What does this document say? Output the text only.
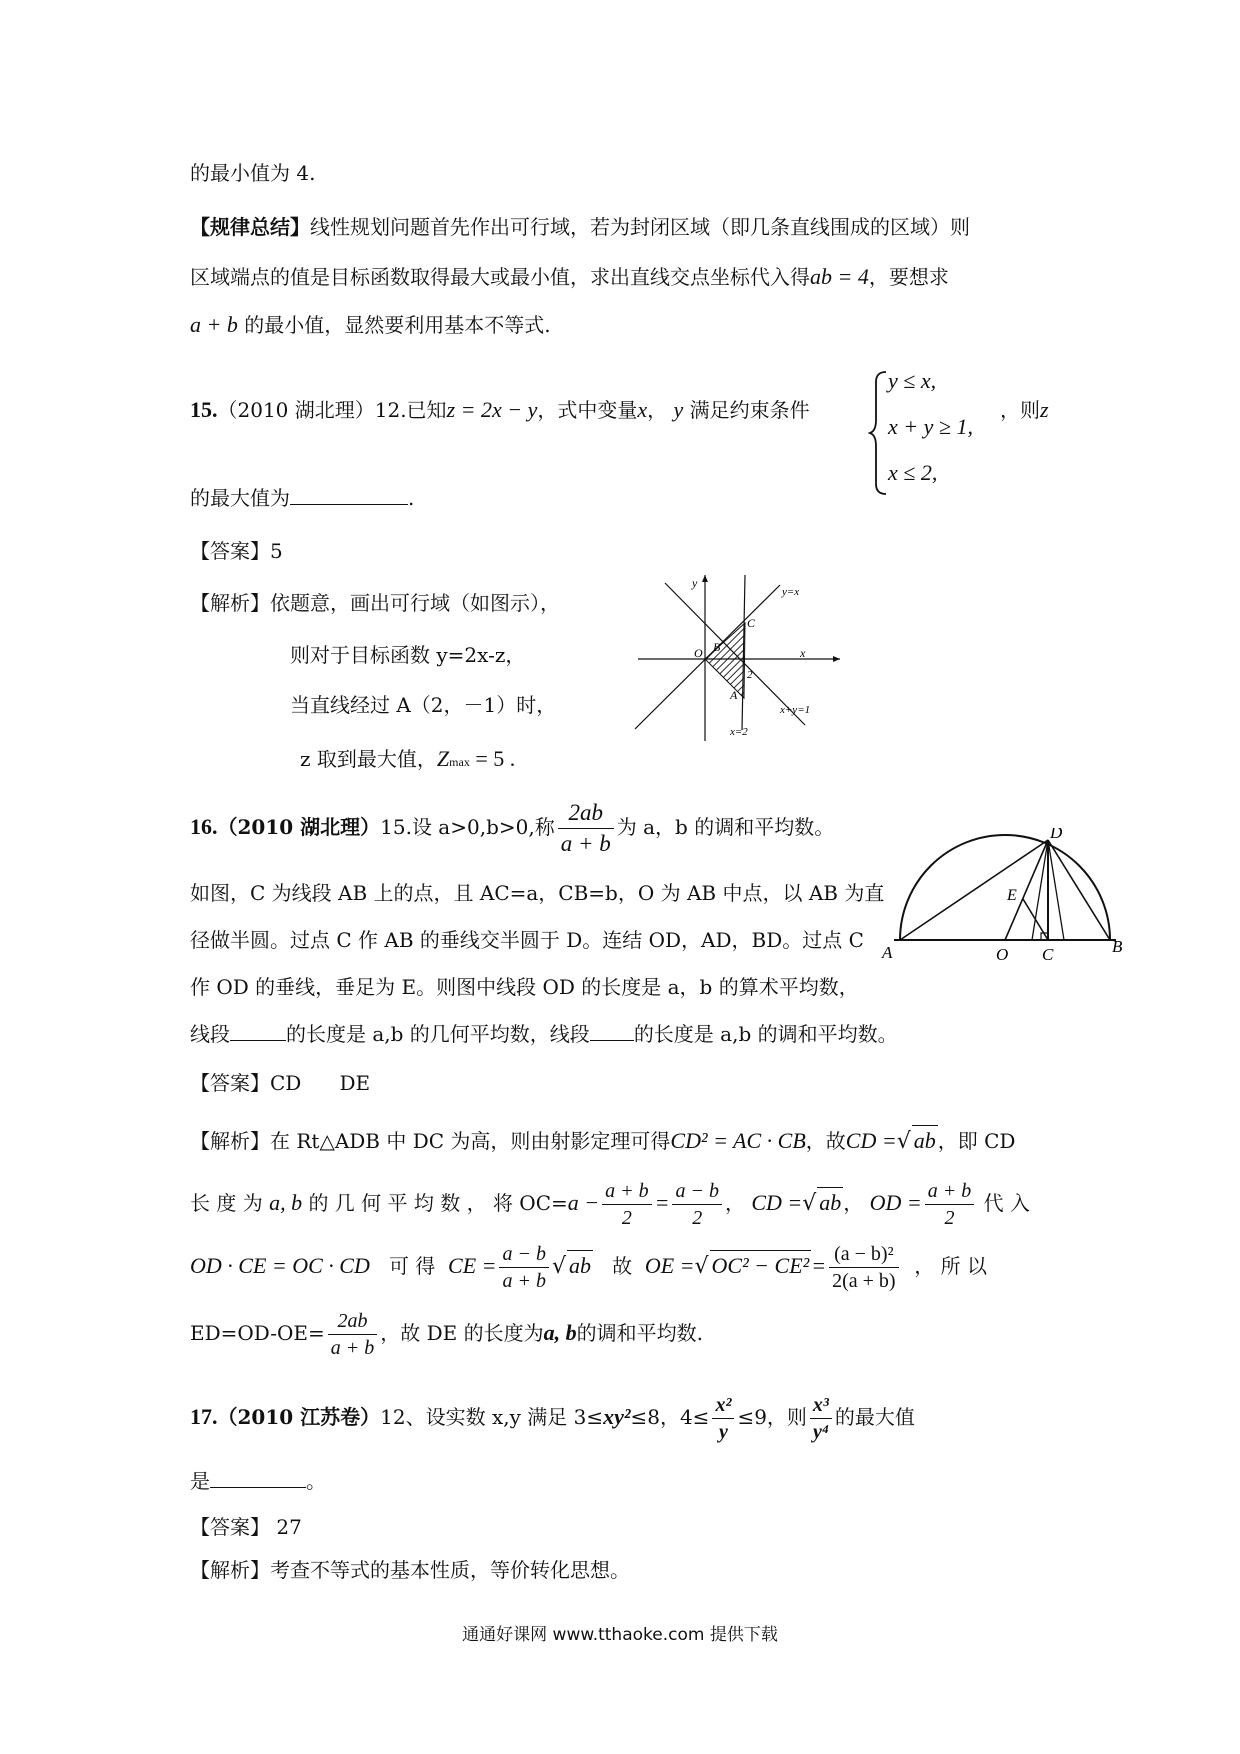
的最小值为 4.
【规律总结】线性规划问题首先作出可行域，若为封闭区域（即几条直线围成的区域）则
区域端点的值是目标函数取得最大或最小值，求出直线交点坐标代入得ab = 4，要想求
a + b 的最小值，显然要利用基本不等式.
15.（2010 湖北理）12.已知z = 2x − y，式中变量x， y 满足约束条件
y ≤ x,
x + y ≥ 1,
x ≤ 2,
，则z
的最大值为	.
【答案】5
【解析】依题意，画出可行域（如图示），
则对于目标函数 y=2x-z，
当直线经过 A（2，－1）时，
z 取到最大值，Zmax = 5 .
y
y=x
C
B
O	x
2
A
x+y=1
x=2
16.（2010 湖北理）15.设 a>0,b>0,称 $\frac{2ab}{a + b}$ 为 a，b 的调和平均数。
如图，C 为线段 AB 上的点，且 AC=a，CB=b，O 为 AB 中点，以 AB 为直
径做半圆。过点 C 作 AB 的垂线交半圆于 D。连结 OD，AD，BD。过点 C
作 OD 的垂线，垂足为 E。则图中线段 OD 的长度是 a，b 的算术平均数，
线段	的长度是 a,b 的几何平均数，线段 的长度是 a,b 的调和平均数。
【答案】CD      DE
D
E
A	O C	B
【解析】在 Rt△ADB 中 DC 为高，则由射影定理可得CD² = AC · CB，故CD =√ ab ，即 CD
长 度 为 a, b 的 几 何 平 均 数 ， 将 $OC=a - \frac{a + b}{2} = \frac{a - b}{2}$ ， CD =√ ab ， OD = $\frac{a + b}{2}$ 代 入
OD · CE = OC · CD 可 得 CE = $\frac{a - b}{a + b}$ √ ab 故 OE =√ $OC^2 - CE^2= \frac{\text{(a − b)²}}{2(a + b)}$ ， 所 以
$ED=OD-OE= \frac{2ab}{a + b}$ ，故 DE 的长度为a, b的调和平均数.
17.（2010 江苏卷）12、设实数 x,y 满足 3≤xy²≤8，$4\le \frac{\text{x²}}{y} \le 9$，则 $\frac{\text{x³}}{\text{y⁴}}$ 的最大值
是	。
【答案】 27
【解析】考查不等式的基本性质，等价转化思想。
通通好课网 www.tthaoke.com 提供下载
